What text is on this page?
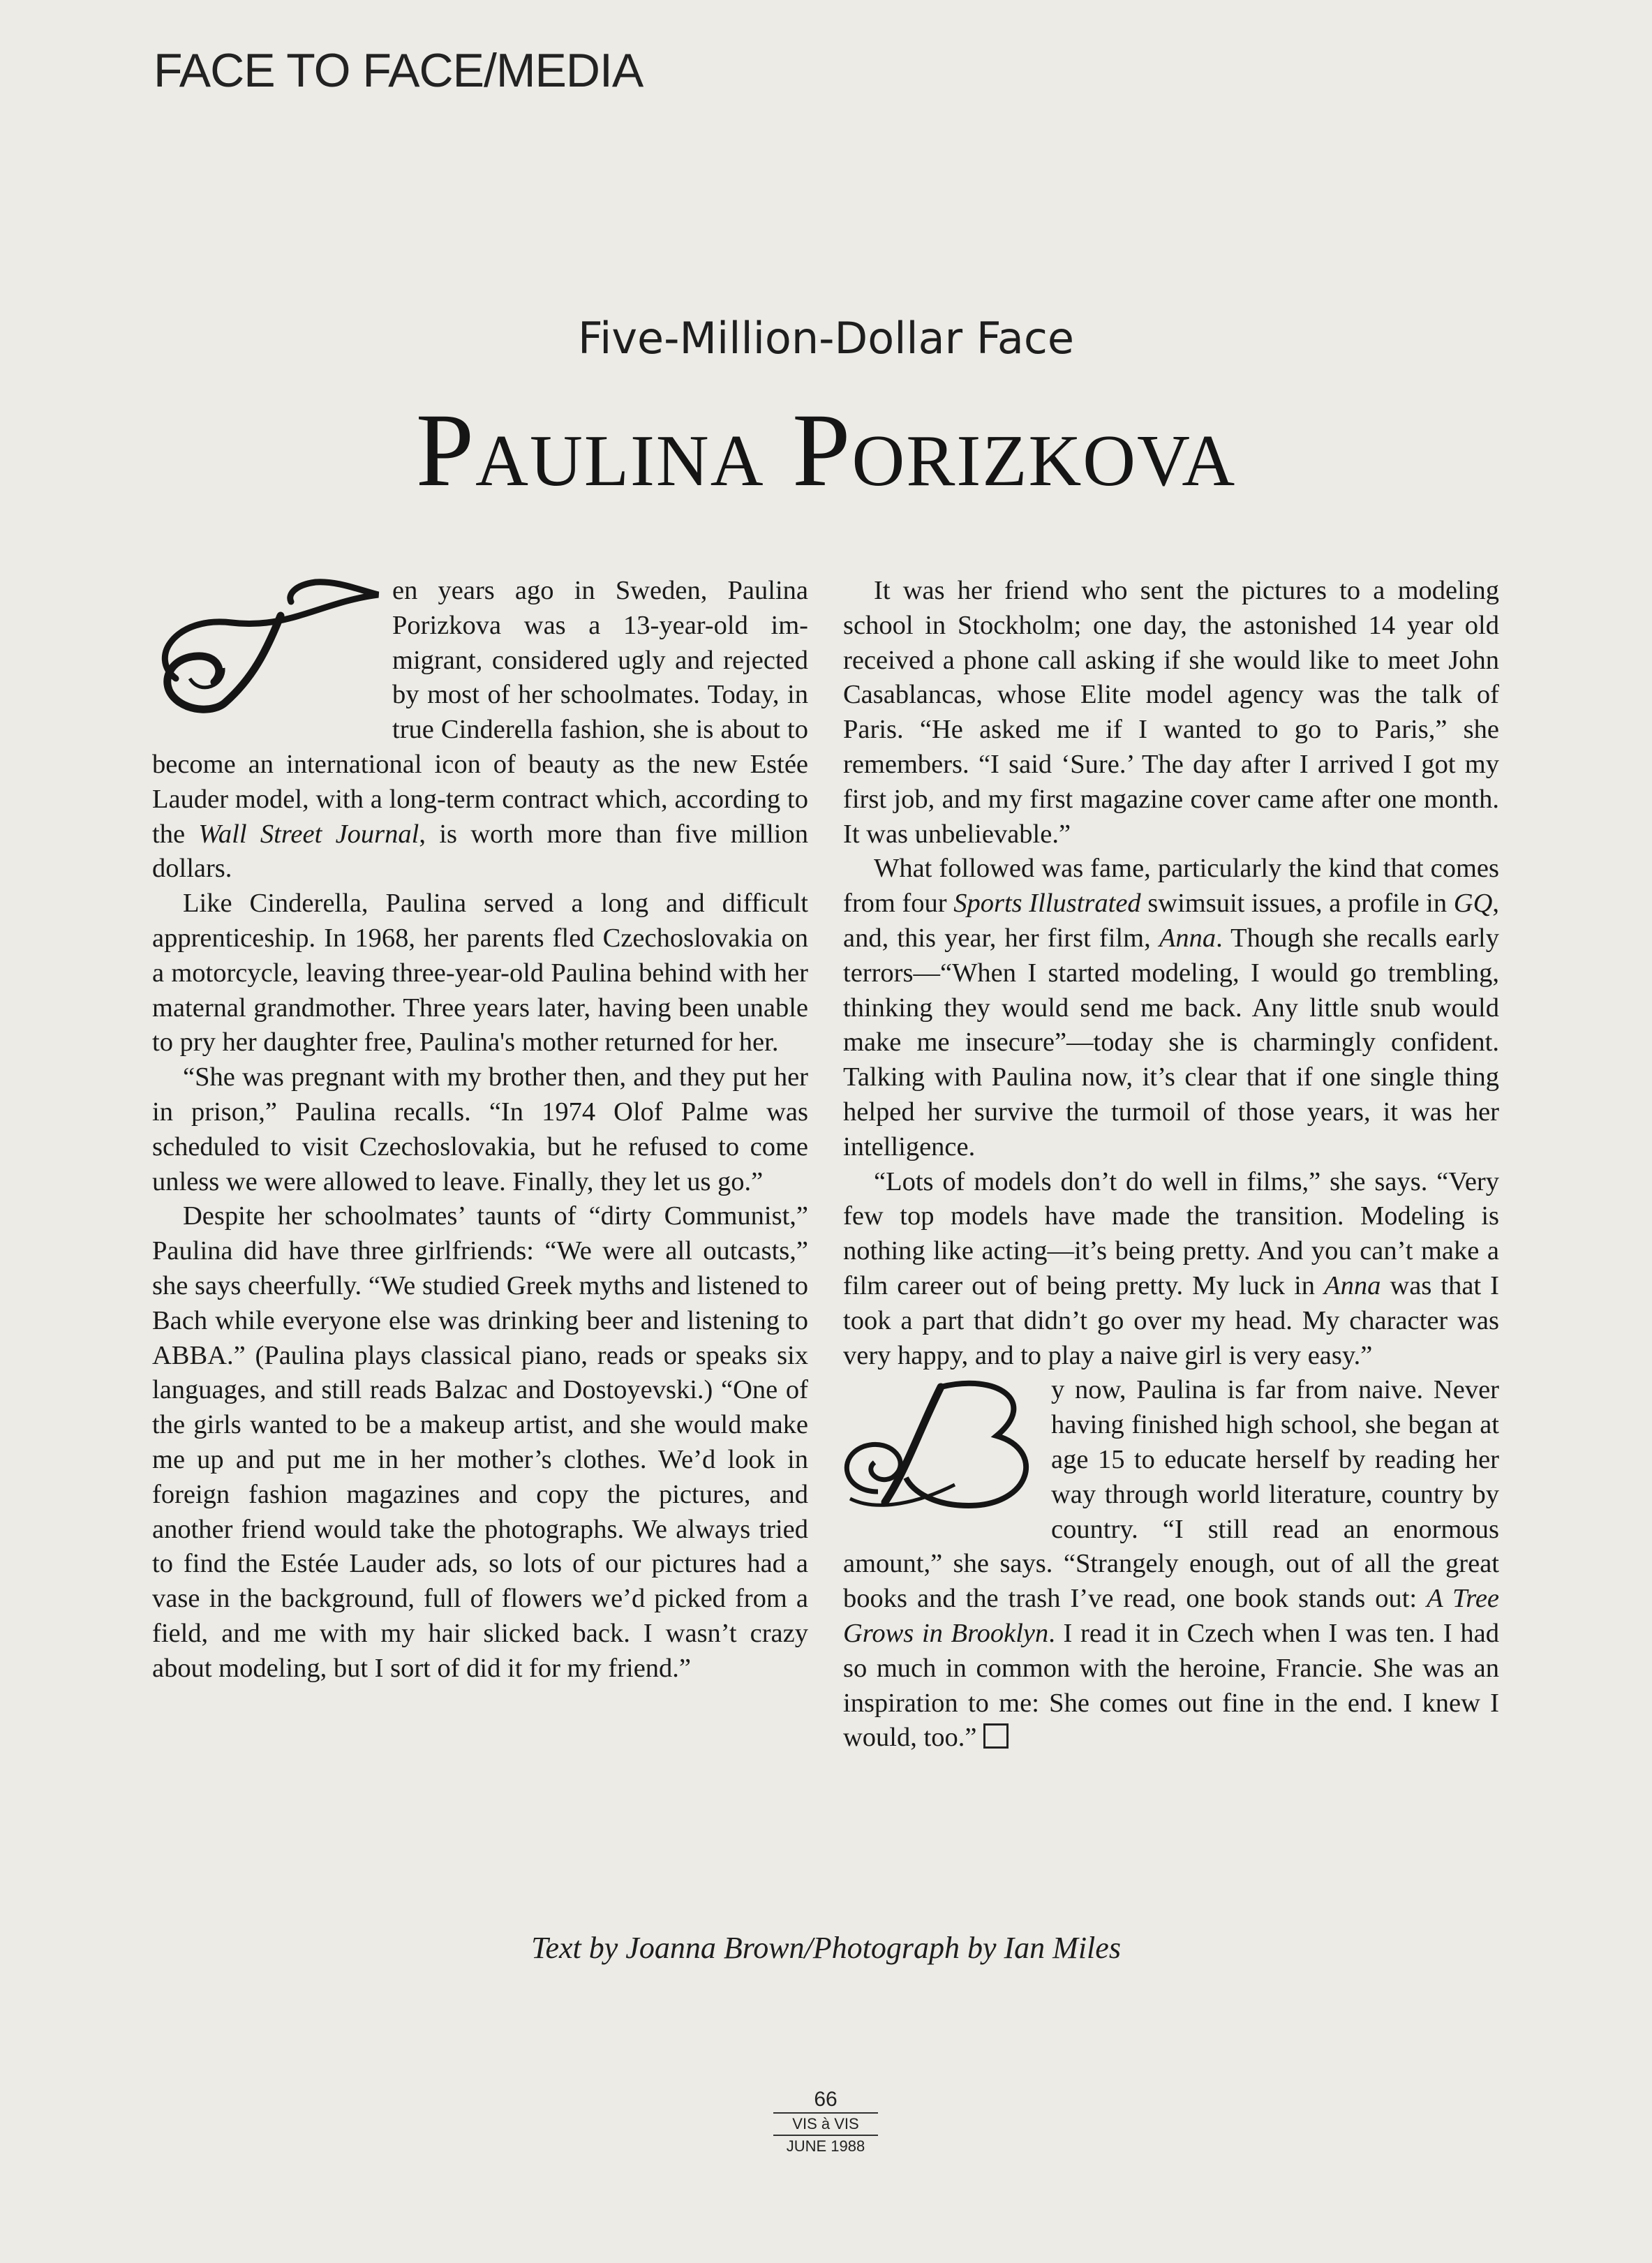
FACE TO FACE/MEDIA
Five-Million-Dollar Face
Paulina Porizkova

en years ago in Sweden, Paulina Porizkova was a 13-year-old immigrant, considered ugly and rejected by most of her schoolmates. Today, in true Cinderella fashion, she is about to become an international icon of beauty as the new Estée Lauder model, with a long-term contract which, according to the Wall Street Journal, is worth more than five million dollars.

Like Cinderella, Paulina served a long and difficult apprenticeship. In 1968, her parents fled Czechoslovakia on a motorcycle, leaving three-year-old Paulina behind with her maternal grandmother. Three years later, having been unable to pry her daughter free, Paulina's mother returned for her.

“She was pregnant with my brother then, and they put her in prison,” Paulina recalls. “In 1974 Olof Palme was scheduled to visit Czechoslovakia, but he refused to come unless we were allowed to leave. Finally, they let us go.”

Despite her schoolmates’ taunts of “dirty Communist,” Paulina did have three girlfriends: “We were all outcasts,” she says cheerfully. “We studied Greek myths and listened to Bach while everyone else was drinking beer and listening to ABBA.” (Paulina plays classical piano, reads or speaks six languages, and still reads Balzac and Dostoyevski.) “One of the girls wanted to be a makeup artist, and she would make me up and put me in her mother’s clothes. We’d look in foreign fashion magazines and copy the pictures, and another friend would take the photographs. We always tried to find the Estée Lauder ads, so lots of our pictures had a vase in the background, full of flowers we’d picked from a field, and me with my hair slicked back. I wasn’t crazy about modeling, but I sort of did it for my friend.”

It was her friend who sent the pictures to a modeling school in Stockholm; one day, the astonished 14 year old received a phone call asking if she would like to meet John Casablancas, whose Elite model agency was the talk of Paris. “He asked me if I wanted to go to Paris,” she remembers. “I said ‘Sure.’ The day after I arrived I got my first job, and my first magazine cover came after one month. It was unbelievable.”

What followed was fame, particularly the kind that comes from four Sports Illustrated swimsuit issues, a profile in GQ, and, this year, her first film, Anna. Though she recalls early terrors—“When I started modeling, I would go trembling, thinking they would send me back. Any little snub would make me insecure”—today she is charmingly confident. Talking with Paulina now, it’s clear that if one single thing helped her survive the turmoil of those years, it was her intelligence.

“Lots of models don’t do well in films,” she says. “Very few top models have made the transition. Modeling is nothing like acting—it’s being pretty. And you can’t make a film career out of being pretty. My luck in Anna was that I took a part that didn’t go over my head. My character was very happy, and to play a naive girl is very easy.”

y now, Paulina is far from naive. Never having finished high school, she began at age 15 to educate herself by reading her way through world literature, country by country. “I still read an enormous amount,” she says. “Strangely enough, out of all the great books and the trash I’ve read, one book stands out: A Tree Grows in Brooklyn. I read it in Czech when I was ten. I had so much in common with the heroine, Francie. She was an inspiration to me: She comes out fine in the end. I knew I would, too.”

Text by Joanna Brown/Photograph by Ian Miles
66
VIS à VIS
JUNE 1988
